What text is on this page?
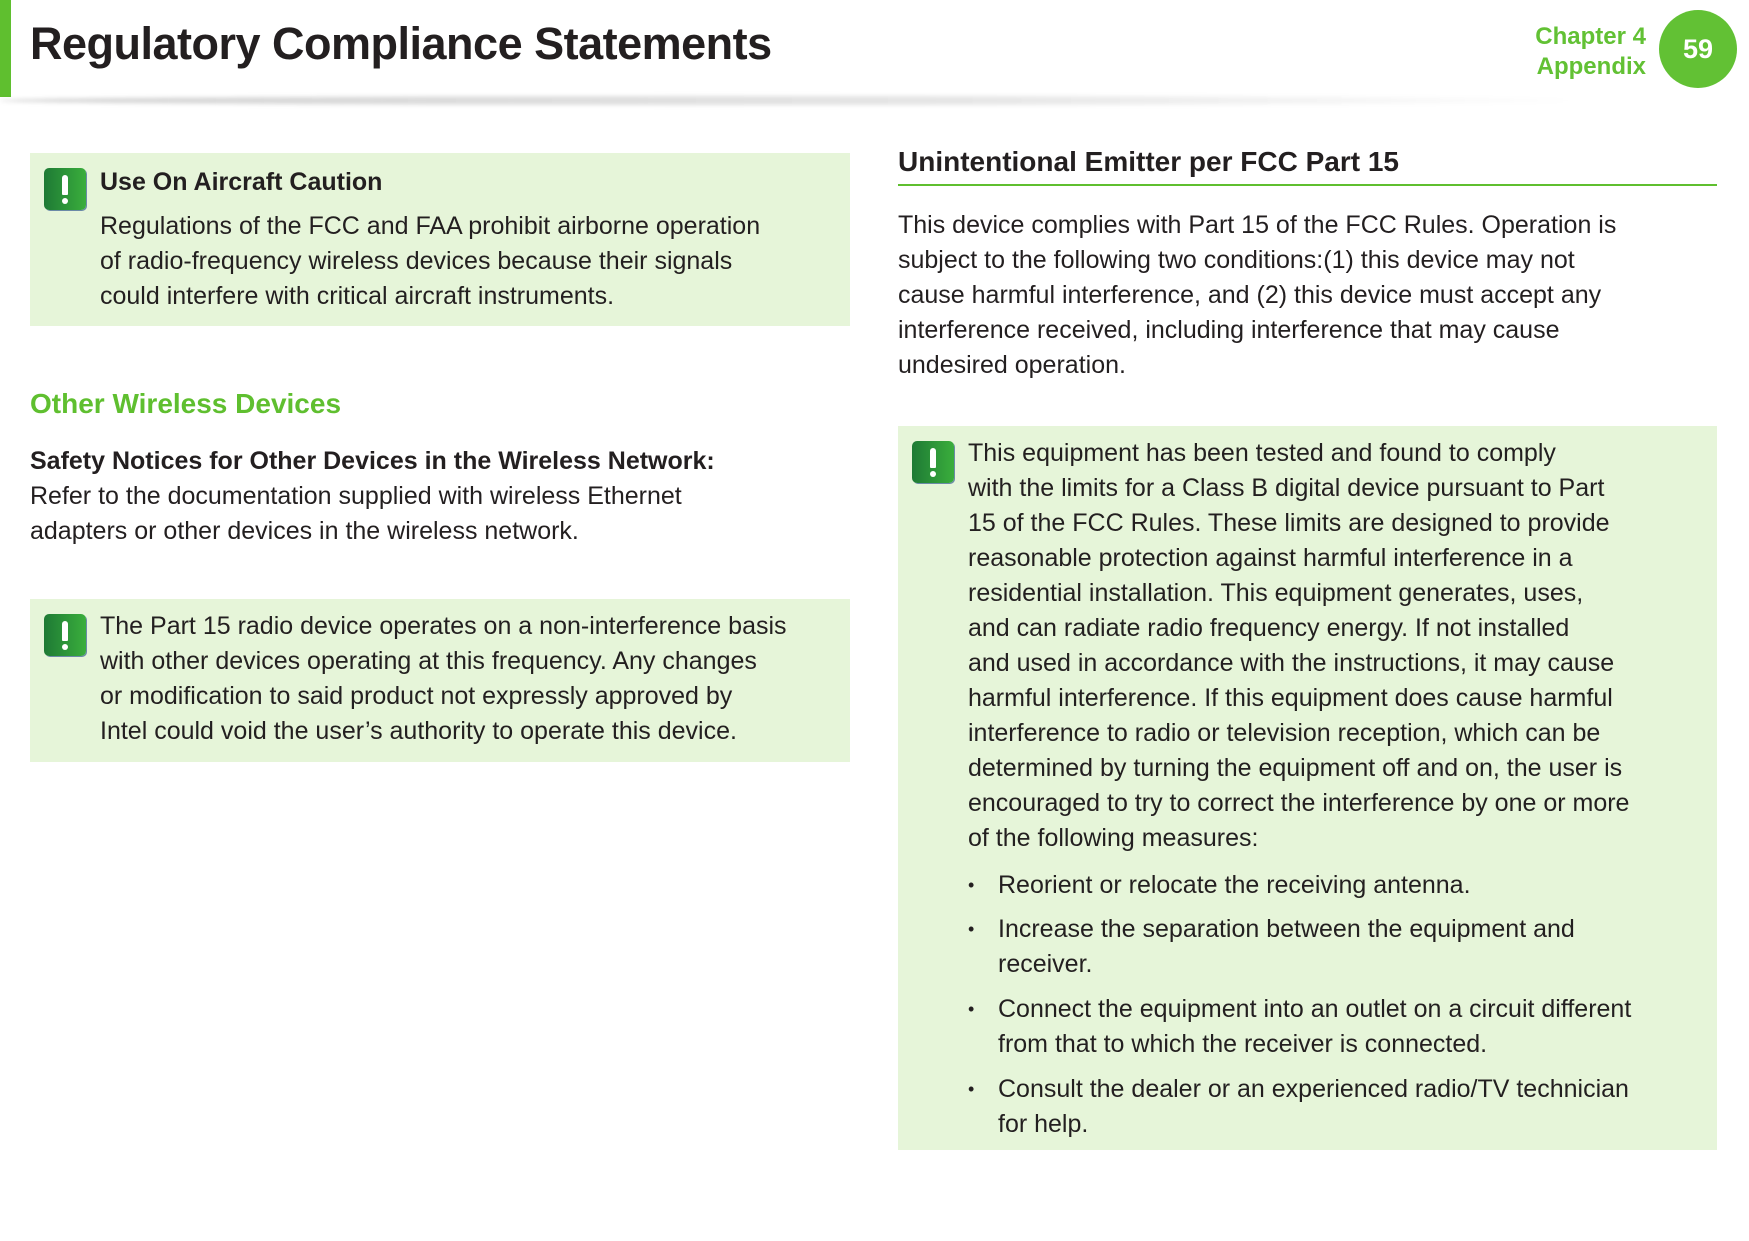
Regulatory Compliance Statements	Chapter 4
Appendix
59
Use On Aircraft Caution
Regulations of the FCC and FAA prohibit airborne operation
of radio-frequency wireless devices because their signals
could interfere with critical aircraft instruments.
Other Wireless Devices
Safety Notices for Other Devices in the Wireless Network:
Refer to the documentation supplied with wireless Ethernet
adapters or other devices in the wireless network.
The Part 15 radio device operates on a non-interference basis
with other devices operating at this frequency. Any changes
or modification to said product not expressly approved by
Intel could void the user’s authority to operate this device.
Unintentional Emitter per FCC Part 15
This device complies with Part 15 of the FCC Rules. Operation is
subject to the following two conditions:(1) this device may not
cause harmful interference, and (2) this device must accept any
interference received, including interference that may cause
undesired operation.
This equipment has been tested and found to comply
with the limits for a Class B digital device pursuant to Part
15 of the FCC Rules. These limits are designed to provide
reasonable protection against harmful interference in a
residential installation. This equipment generates, uses,
and can radiate radio frequency energy. If not installed
and used in accordance with the instructions, it may cause
harmful interference. If this equipment does cause harmful
interference to radio or television reception, which can be
determined by turning the equipment off and on, the user is
encouraged to try to correct the interference by one or more
of the following measures:
• Reorient or relocate the receiving antenna.
• Increase the separation between the equipment and
receiver.
• Connect the equipment into an outlet on a circuit different
from that to which the receiver is connected.
• Consult the dealer or an experienced radio/TV technician
for help.
